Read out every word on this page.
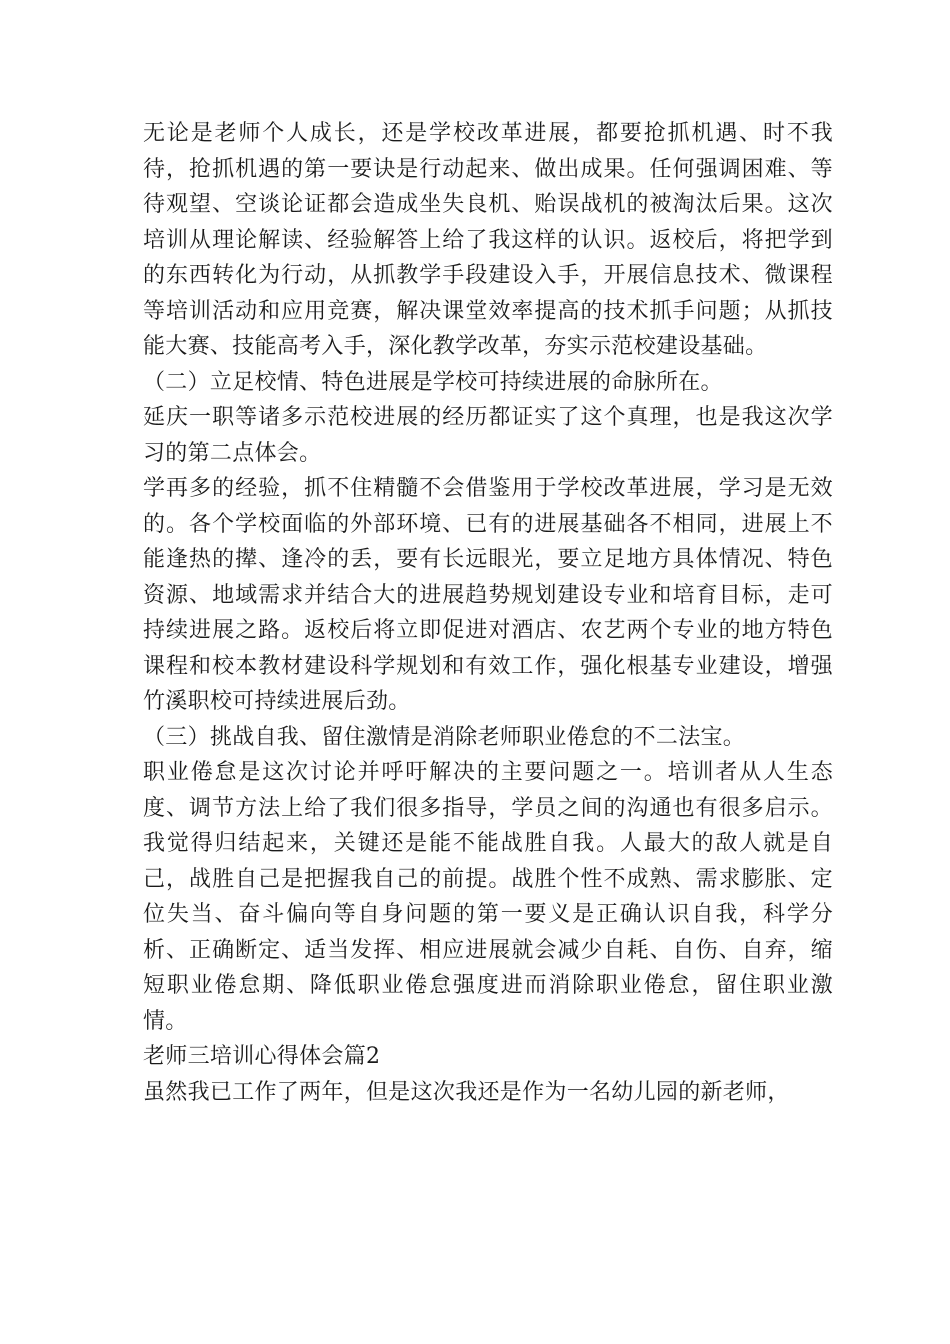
无论是老师个人成长，还是学校改革进展，都要抢抓机遇、时不我待，抢抓机遇的第一要诀是行动起来、做出成果。任何强调困难、等待观望、空谈论证都会造成坐失良机、贻误战机的被淘汰后果。这次培训从理论解读、经验解答上给了我这样的认识。返校后，将把学到的东西转化为行动，从抓教学手段建设入手，开展信息技术、微课程等培训活动和应用竞赛，解决课堂效率提高的技术抓手问题；从抓技能大赛、技能高考入手，深化教学改革，夯实示范校建设基础。

（二）立足校情、特色进展是学校可持续进展的命脉所在。

延庆一职等诸多示范校进展的经历都证实了这个真理，也是我这次学习的第二点体会。

学再多的经验，抓不住精髓不会借鉴用于学校改革进展，学习是无效的。各个学校面临的外部环境、已有的进展基础各不相同，进展上不能逢热的撵、逢冷的丢，要有长远眼光，要立足地方具体情况、特色资源、地域需求并结合大的进展趋势规划建设专业和培育目标，走可持续进展之路。返校后将立即促进对酒店、农艺两个专业的地方特色课程和校本教材建设科学规划和有效工作，强化根基专业建设，增强竹溪职校可持续进展后劲。

（三）挑战自我、留住激情是消除老师职业倦怠的不二法宝。

职业倦怠是这次讨论并呼吁解决的主要问题之一。培训者从人生态度、调节方法上给了我们很多指导，学员之间的沟通也有很多启示。我觉得归结起来，关键还是能不能战胜自我。人最大的敌人就是自己，战胜自己是把握我自己的前提。战胜个性不成熟、需求膨胀、定位失当、奋斗偏向等自身问题的第一要义是正确认识自我，科学分析、正确断定、适当发挥、相应进展就会减少自耗、自伤、自弃，缩短职业倦怠期、降低职业倦怠强度进而消除职业倦怠，留住职业激情。

老师三培训心得体会篇2

虽然我已工作了两年，但是这次我还是作为一名幼儿园的新老师，
